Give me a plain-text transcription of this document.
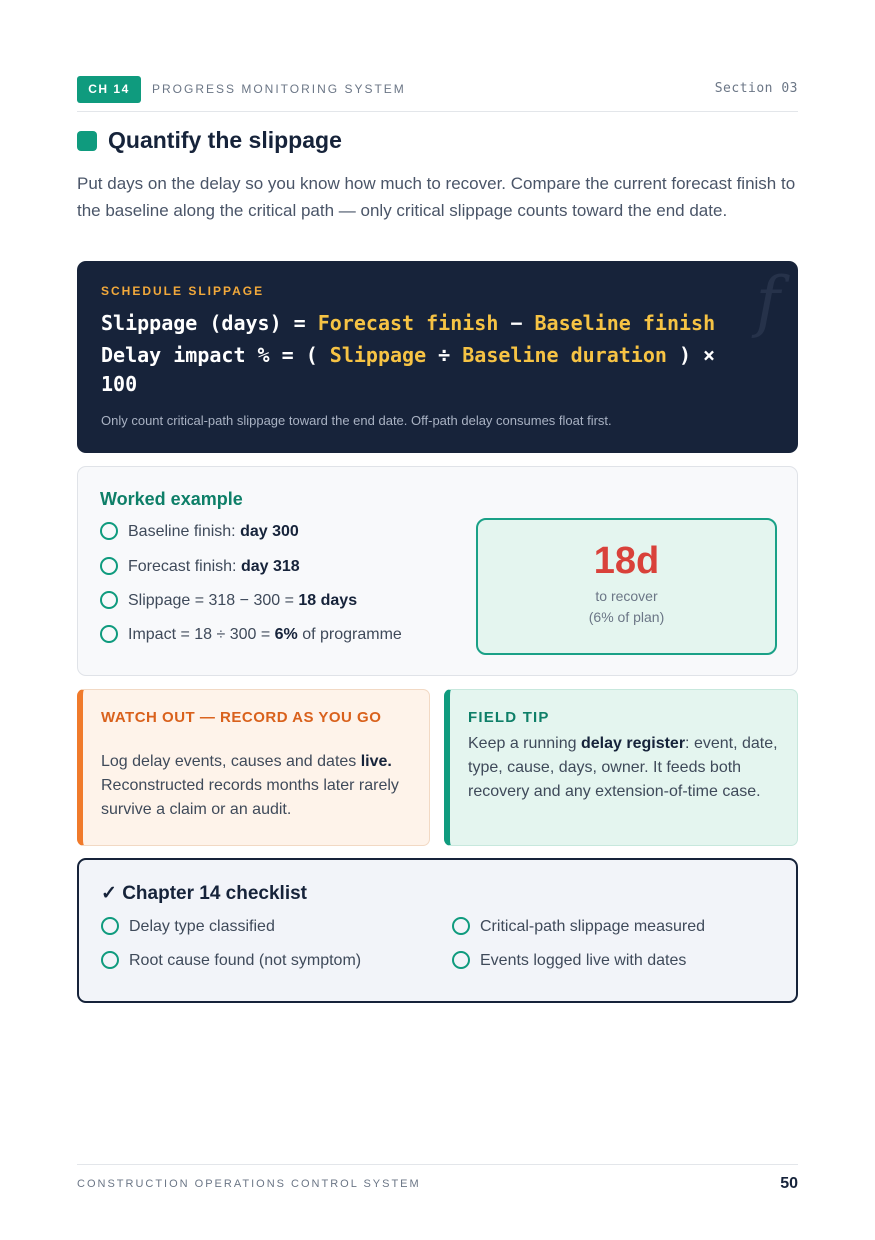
CH 14	PROGRESS MONITORING SYSTEM	Section 03
Quantify the slippage
Put days on the delay so you know how much to recover. Compare the current forecast finish to the baseline along the critical path — only critical slippage counts toward the end date.
f
SCHEDULE SLIPPAGE
Slippage (days) = Forecast finish − Baseline finish
Delay impact % = ( Slippage ÷ Baseline duration ) × 100
Only count critical-path slippage toward the end date. Off-path delay consumes float first.
Worked example
Baseline finish: day 300
Forecast finish: day 318
Slippage = 318 − 300 = 18 days
Impact = 18 ÷ 300 = 6% of programme
18d
to recover
(6% of plan)
WATCH OUT — RECORD AS YOU GO
Log delay events, causes and dates live. Reconstructed records months later rarely survive a claim or an audit.
FIELD TIP
Keep a running delay register: event, date, type, cause, days, owner. It feeds both recovery and any extension-of-time case.
✓ Chapter 14 checklist
Delay type classified	Critical-path slippage measured
Root cause found (not symptom)	Events logged live with dates
CONSTRUCTION OPERATIONS CONTROL SYSTEM	50
